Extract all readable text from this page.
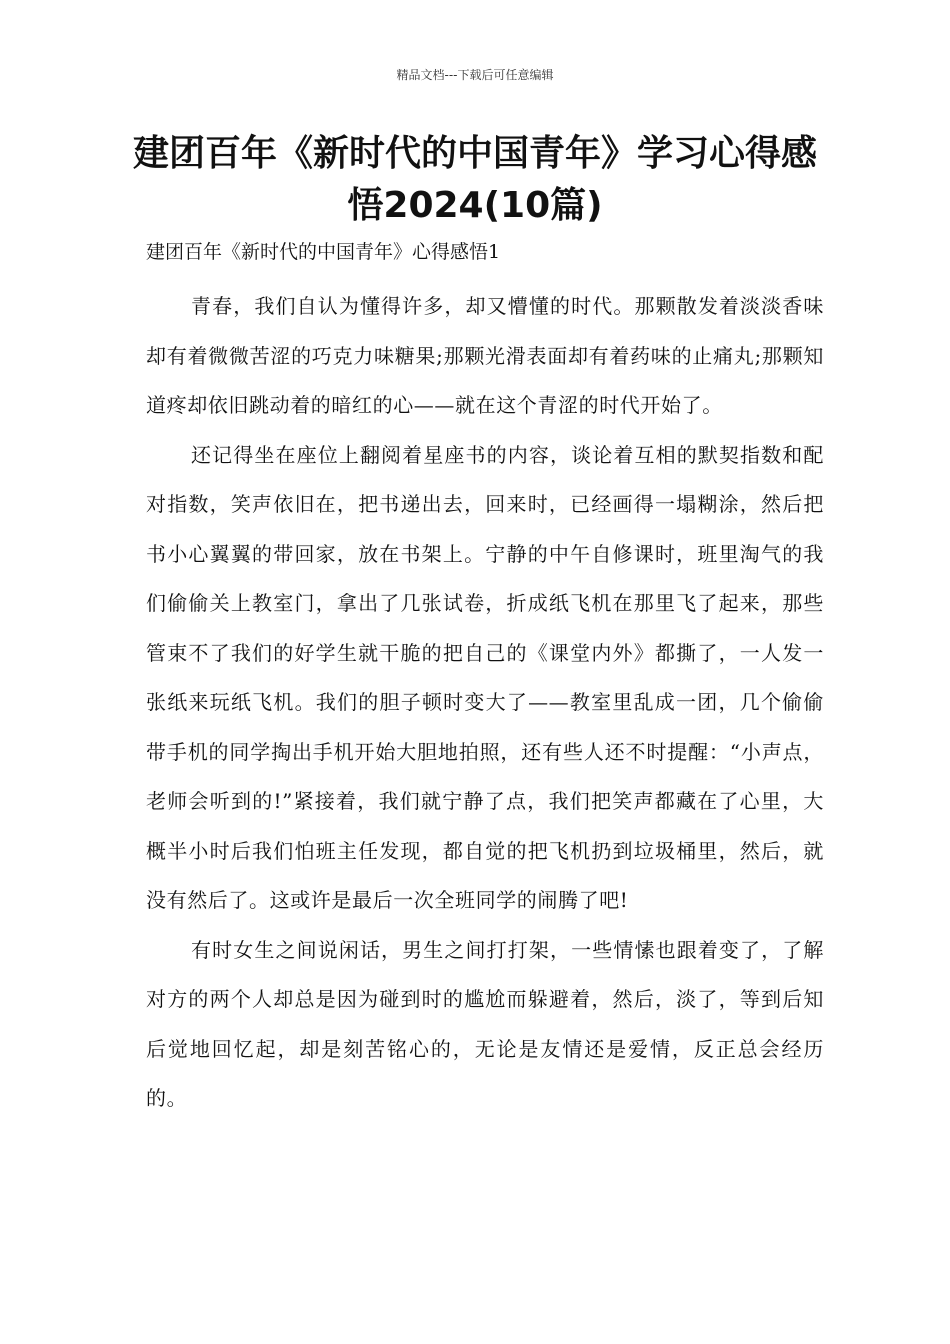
精品文档---下载后可任意编辑
建团百年《新时代的中国青年》学习心得感悟2024(10篇)

建团百年《新时代的中国青年》心得感悟1

青春，我们自认为懂得许多，却又懵懂的时代。那颗散发着淡淡香味却有着微微苦涩的巧克力味糖果;那颗光滑表面却有着药味的止痛丸;那颗知道疼却依旧跳动着的暗红的心——就在这个青涩的时代开始了。

还记得坐在座位上翻阅着星座书的内容，谈论着互相的默契指数和配对指数，笑声依旧在，把书递出去，回来时，已经画得一塌糊涂，然后把书小心翼翼的带回家，放在书架上。宁静的中午自修课时，班里淘气的我们偷偷关上教室门，拿出了几张试卷，折成纸飞机在那里飞了起来，那些管束不了我们的好学生就干脆的把自己的《课堂内外》都撕了，一人发一张纸来玩纸飞机。我们的胆子顿时变大了——教室里乱成一团，几个偷偷带手机的同学掏出手机开始大胆地拍照，还有些人还不时提醒：“小声点，老师会听到的!”紧接着，我们就宁静了点，我们把笑声都藏在了心里，大概半小时后我们怕班主任发现，都自觉的把飞机扔到垃圾桶里，然后，就没有然后了。这或许是最后一次全班同学的闹腾了吧!

有时女生之间说闲话，男生之间打打架，一些情愫也跟着变了，了解对方的两个人却总是因为碰到时的尴尬而躲避着，然后，淡了，等到后知后觉地回忆起，却是刻苦铭心的，无论是友情还是爱情，反正总会经历的。
